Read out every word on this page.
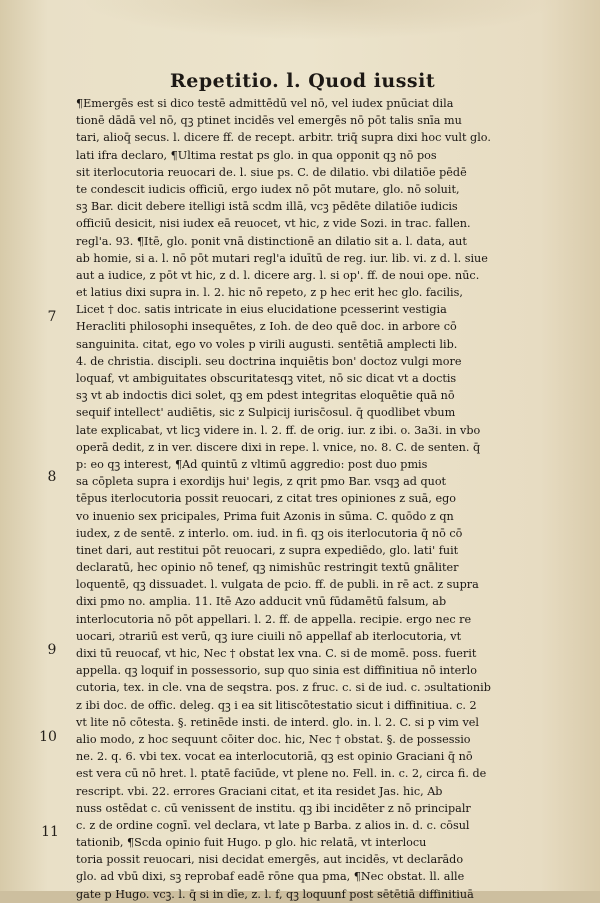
Repetitio. l. Quod iussit
¶Emergēs est si dico testē admittēdū vel nō, vel iudex pnūciat dila
tionē dādā vel nō, qꝫ ptinet incidēs vel emergēs nō pōt talis snīa mu
tari, alioq̄ secus. l. dicere ff. de recept. arbitr. triq̄ supra dixi hoc vult glo.
lati ifra declaro, ¶Ultima restat ps glo. in qua opponit qꝫ nō pos
sit iterlocutoria reuocari de. l. siue ps. C. de dilatio. vbi dilatiōe pēdē
te condescit iudicis officiū, ergo iudex nō pōt mutare, glo. nō soluit,
sꝫ Bar. dicit debere itelligi istā scdm illā, vcꝫ pēdēte dilatiōe iudicis
officiū desicit, nisi iudex eā reuocet, vt hic, z vide Sozi. in trac. fallen.
regl'a. 93. ¶Itē, glo. ponit vnā distinctionē an dilatio sit a. l. data, aut
ab homie, si a. l. nō pōt mutari regl'a iduītū de reg. iur. lib. vi. z d. l. siue
aut a iudice, z pōt vt hic, z d. l. dicere arg. l. si op'. ff. de noui ope. nūc.
et latius dixi supra in. l. 2. hic nō repeto, z p hec erit hec glo. facilis,
Licet † doc. satis intricate in eius elucidatione pcesserint vestigia
Heracliti philosophi insequētes, z Ioh. de deo quē doc. in arbore cō
sanguinita. citat, ego vo voles p virili augusti. sentētiā amplecti lib.
4. de christia. discipli. seu doctrina inquiētis bon' doctoz vulgi more
loquaf, vt ambiguitates obscuritatesqꝫ vitet, nō sic dicat vt a doctis
sꝫ vt ab indoctis dici solet, qꝫ em pdest integritas eloquētie quā nō
sequif intellect' audiētis, sic z Sulpicij iurisc̄osul. q̄ quodlibet vbum
late explicabat, vt licꝫ videre in. l. 2. ff. de orig. iur. z ibi. o. 3a3i. in vbo
operā dedit, z in ver. discere dixi in repe. l. vnice, no. 8. C. de senten. q̄
p: eo qꝫ interest, ¶Ad quintū z vltimū aggredio: post duo pmis
sa cōpleta supra i exordijs hui' legis, z qrit pmo Bar. vsqꝫ ad quot
tēpus iterlocutoria possit reuocari, z citat tres opiniones z suā, ego
vo inuenio sex pricipales, Prima fuit Azonis in sūma. C. quōdo z qn
iudex, z de sentē. z interlo. om. iud. in fi. qꝫ ois iterlocutoria q̄ nō cō
tinet dari, aut restitui pōt reuocari, z supra expediēdo, glo. lati' fuit
declaratū, hec opinio nō tenef, qꝫ nimishūc restringit textū gnāliter
loquentē, qꝫ dissuadet. l. vulgata de pcio. ff. de publi. in rē act. z supra
dixi pmo no. amplia. 11. Itē Azo adducit vnū fūdamētū falsum, ab
interlocutoria nō pōt appellari. l. 2. ff. de appella. recipie. ergo nec re
uocari, ɔtrariū est verū, qꝫ iure ciuili nō appellaf ab iterlocutoria, vt
dixi tū reuocaf, vt hic, Nec † obstat lex vna. C. si de momē. poss. fuerit
appella. qꝫ loquif in possessorio, sup quo sinia est diffinitiua nō interlo
cutoria, tex. in cle. vna de seqstra. pos. z fruc. c. si de iud. c. ɔsultationib
z ibi doc. de offic. deleg. qꝫ i ea sit litiscōtestatio sicut i diffinitiua. c. 2
vt lite nō cōtesta. §. retinēde insti. de interd. glo. in. l. 2. C. si p vim vel
alio modo, z hoc sequunt cōiter doc. hic, Nec † obstat. §. de possessio
ne. 2. q. 6. vbi tex. vocat ea interlocutoriā, qꝫ est opinio Graciani q̄ nō
est vera cū nō hret. l. ptatē faciūde, vt plene no. Fell. in. c. 2, circa fi. de
rescript. vbi. 22. errores Graciani citat, et ita residet Jas. hic, Ab
nuss ostēdat c. cū venissent de institu. qꝫ ibi incidēter z nō principalr
c. z de ordine cognī. vel declara, vt late p Barba. z alios in. d. c. cōsul
tationib, ¶Scda opinio fuit Hugo. p glo. hic relatā, vt interlocu
toria possit reuocari, nisi decidat emergēs, aut incidēs, vt declarādo
glo. ad vbū dixi, sꝫ reprobaf eadē rōne qua pma, ¶Nec obstat. ll. alle
gate p Hugo. vcꝫ. l. q̄ si in dīe, z. l. f, qꝫ loquunf post sētētiā diffinitiuā
7
8
9
10
11
